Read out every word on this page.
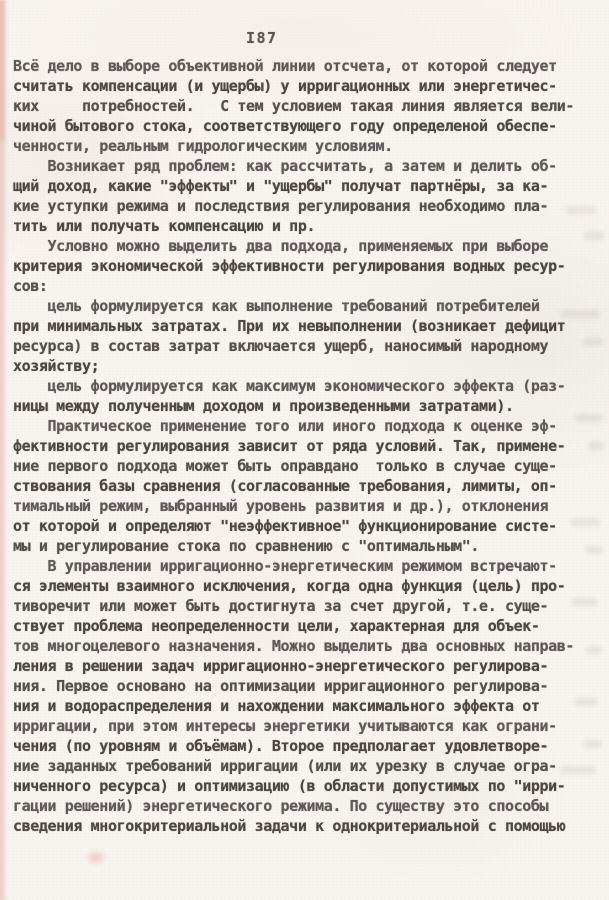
I87
Всё дело в выборе объективной линии отсчета, от которой следует
считать компенсации (и ущербы) у ирригационных или энергетичес-
ких     потребностей.   С тем условием такая линия является вели-
чиной бытового стока, соответствующего году определеной обеспе-
ченности, реальным гидрологическим условиям.
Возникает ряд проблем: как рассчитать, а затем и делить об-
щий доход, какие "эффекты" и "ущербы" получат партнёры, за ка-
кие уступки режима и последствия регулирования необходимо пла-
тить или получать компенсацию и пр.
Условно можно выделить два подхода, применяемых при выборе
критерия экономической эффективности регулирования водных ресур-
сов:
цель формулируется как выполнение требований потребителей
при минимальных затратах. При их невыполнении (возникает дефицит
ресурса) в состав затрат включается ущерб, наносимый народному
хозяйству;
цель формулируется как максимум экономического эффекта (раз-
ницы между полученным доходом и произведенными затратами).
Практическое применение того или иного подхода к оценке эф-
фективности регулирования зависит от ряда условий. Так, примене-
ние первого подхода может быть оправдано  только в случае суще-
ствования базы сравнения (согласованные требования, лимиты, оп-
тимальный режим, выбранный уровень развития и др.), отклонения
от которой и определяют "неэффективное" функционирование систе-
мы и регулирование стока по сравнению с "оптимальным".
В управлении ирригационно-энергетическим режимом встречают-
ся элементы взаимного исключения, когда одна функция (цель) про-
тиворечит или может быть достигнута за счет другой, т.е. суще-
ствует проблема неопределенности цели, характерная для объек-
тов многоцелевого назначения. Можно выделить два основных направ-
ления в решении задач ирригационно-энергетического регулирова-
ния. Первое основано на оптимизации ирригационного регулирова-
ния и водораспределения и нахождении максимального эффекта от
ирригации, при этом интересы энергетики учитываются как ограни-
чения (по уровням и объёмам). Второе предполагает удовлетворе-
ние заданных требований ирригации (или их урезку в случае огра-
ниченного ресурса) и оптимизацию (в области допустимых по "ирри-
гации решений) энергетического режима. По существу это способы
сведения многокритериальной задачи к однокритериальной с помощью
